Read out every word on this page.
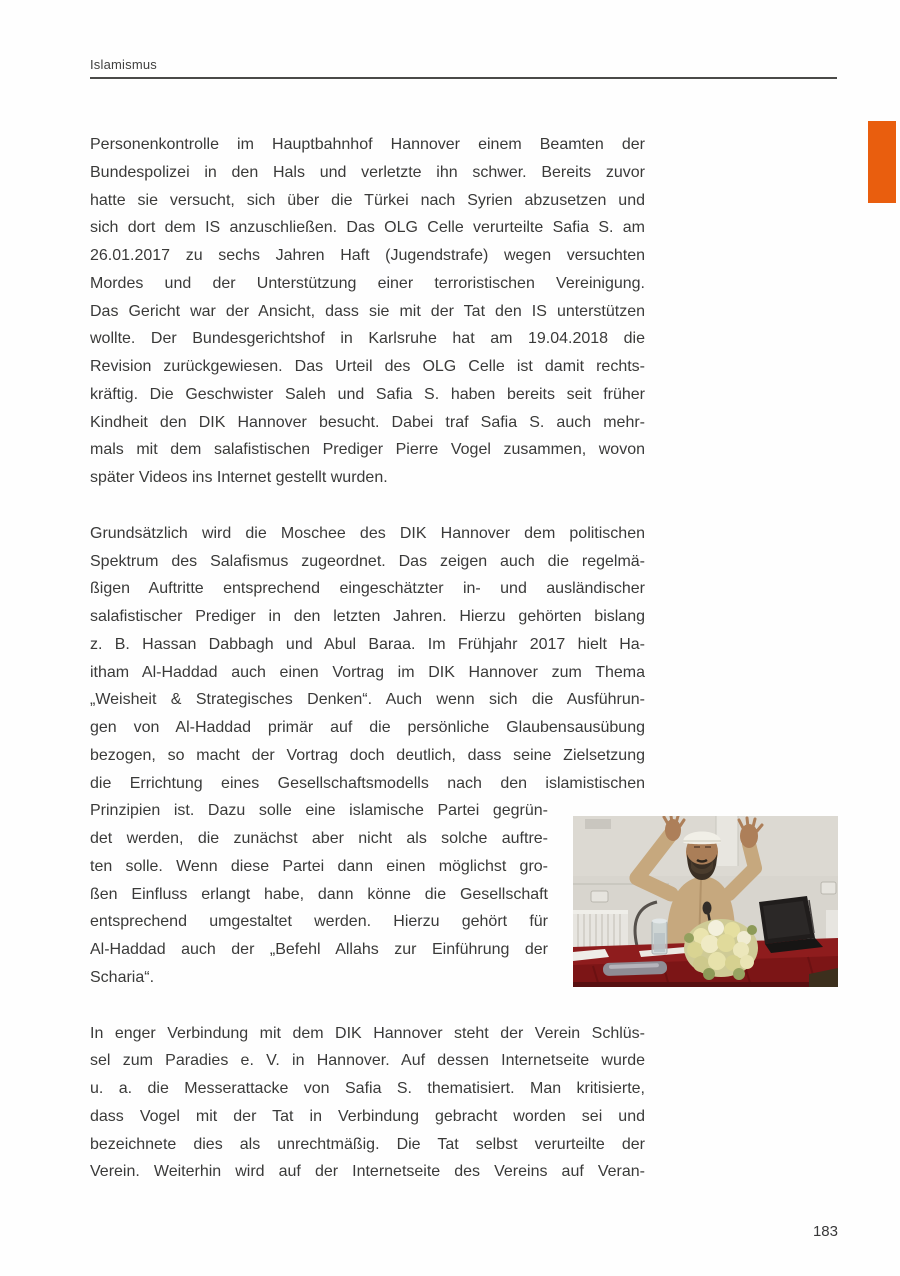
Islamismus
Personenkontrolle im Hauptbahnhof Hannover einem Beamten der
Bundespolizei in den Hals und verletzte ihn schwer. Bereits zuvor
hatte sie versucht, sich über die Türkei nach Syrien abzusetzen und
sich dort dem IS anzuschließen. Das OLG Celle verurteilte Safia S. am
26.01.2017 zu sechs Jahren Haft (Jugendstrafe) wegen versuchten
Mordes und der Unterstützung einer terroristischen Vereinigung.
Das Gericht war der Ansicht, dass sie mit der Tat den IS unterstützen
wollte. Der Bundesgerichtshof in Karlsruhe hat am 19.04.2018 die
Revision zurückgewiesen. Das Urteil des OLG Celle ist damit rechts-
kräftig. Die Geschwister Saleh und Safia S. haben bereits seit früher
Kindheit den DIK Hannover besucht. Dabei traf Safia S. auch mehr-
mals mit dem salafistischen Prediger Pierre Vogel zusammen, wovon
später Videos ins Internet gestellt wurden.
Grundsätzlich wird die Moschee des DIK Hannover dem politischen
Spektrum des Salafismus zugeordnet. Das zeigen auch die regelmä-
ßigen Auftritte entsprechend eingeschätzter in- und ausländischer
salafistischer Prediger in den letzten Jahren. Hierzu gehörten bislang
z. B. Hassan Dabbagh und Abul Baraa. Im Frühjahr 2017 hielt Ha-
itham Al-Haddad auch einen Vortrag im DIK Hannover zum Thema
„Weisheit & Strategisches Denken“. Auch wenn sich die Ausführun-
gen von Al-Haddad primär auf die persönliche Glaubensausübung
bezogen, so macht der Vortrag doch deutlich, dass seine Zielsetzung
die Errichtung eines Gesellschaftsmodells nach den islamistischen
Prinzipien ist. Dazu solle eine islamische Partei gegrün-
det werden, die zunächst aber nicht als solche auftre-
ten solle. Wenn diese Partei dann einen möglichst gro-
ßen Einfluss erlangt habe, dann könne die Gesellschaft
entsprechend umgestaltet werden. Hierzu gehört für
Al-Haddad auch der „Befehl Allahs zur Einführung der
Scharia“.
In enger Verbindung mit dem DIK Hannover steht der Verein Schlüs-
sel zum Paradies e. V. in Hannover. Auf dessen Internetseite wurde
u. a. die Messerattacke von Safia S. thematisiert. Man kritisierte,
dass Vogel mit der Tat in Verbindung gebracht worden sei und
bezeichnete dies als unrechtmäßig. Die Tat selbst verurteilte der
Verein. Weiterhin wird auf der Internetseite des Vereins auf Veran-
183
